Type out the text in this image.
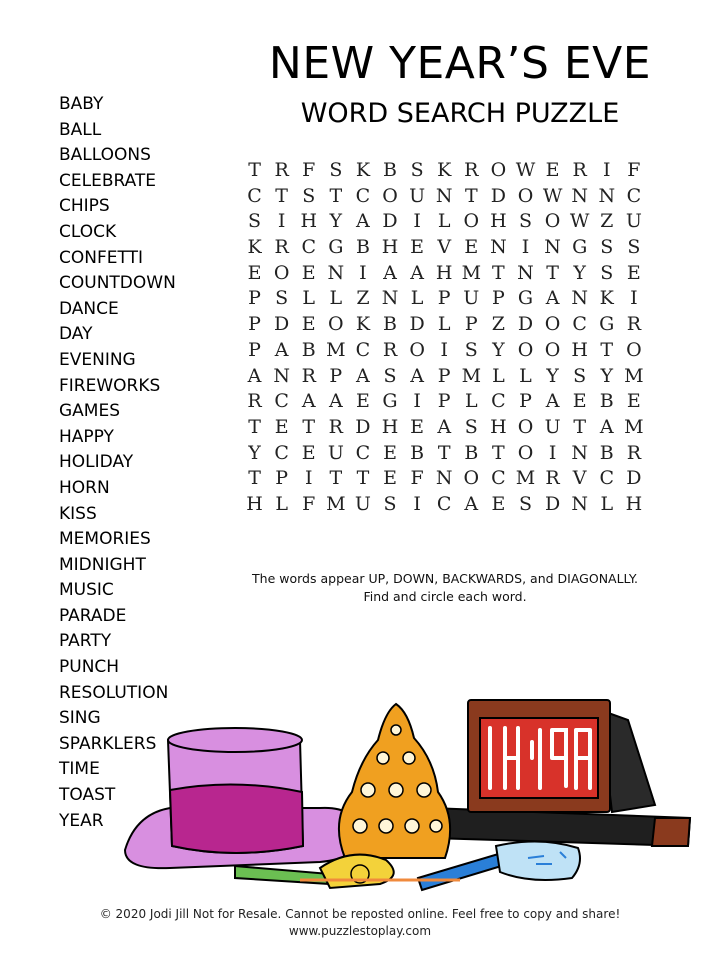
NEW YEAR’S EVE
WORD SEARCH PUZZLE
BABY
BALL
BALLOONS
CELEBRATE
CHIPS
CLOCK
CONFETTI
COUNTDOWN
DANCE
DAY
EVENING
FIREWORKS
GAMES
HAPPY
HOLIDAY
HORN
KISS
MEMORIES
MIDNIGHT
MUSIC
PARADE
PARTY
PUNCH
RESOLUTION
SING
SPARKLERS
TIME
TOAST
YEAR
T R F S K B S K R O W E R I F
C T S T C O U N T D O W N N C
S I H Y A D I L O H S O W Z U
K R C G B H E V E N I N G S S
E O E N I A A H M T N T Y S E
P S L L Z N L P U P G A N K I
P D E O K B D L P Z D O C G R
P A B M C R O I S Y O O H T O
A N R P A S A P M L L Y S Y M
R C A A E G I P L C P A E B E
T E T R D H E A S H O U T A M
Y C E U C E B T B T O I N B R
T P I T T E F N O C M R V C D
H L F M U S I C A E S D N L H

The words appear UP, DOWN, BACKWARDS, and DIAGONALLY.
Find and circle each word.

© 2020 Jodi Jill Not for Resale. Cannot be reposted online. Feel free to copy and share!
www.puzzlestoplay.com
